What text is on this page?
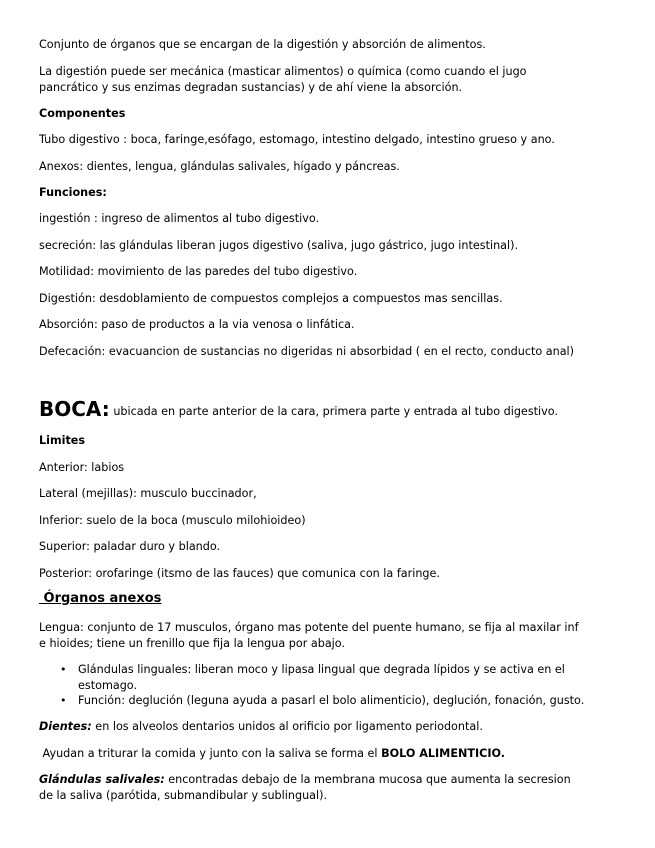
Conjunto de órganos que se encargan de la digestión y absorción de alimentos.
La digestión puede ser mecánica (masticar alimentos) o química (como cuando el jugo
pancrático y sus enzimas degradan sustancias) y de ahí viene la absorción.
Componentes
Tubo digestivo : boca, faringe,esófago, estomago, intestino delgado, intestino grueso y ano.
Anexos: dientes, lengua, glándulas salivales, hígado y páncreas.
Funciones:
ingestión : ingreso de alimentos al tubo digestivo.
secreción: las glándulas liberan jugos digestivo (saliva, jugo gástrico, jugo intestinal).
Motilidad: movimiento de las paredes del tubo digestivo.
Digestión: desdoblamiento de compuestos complejos a compuestos mas sencillas.
Absorción: paso de productos a la via venosa o linfática.
Defecación: evacuancion de sustancias no digeridas ni absorbidad ( en el recto, conducto anal)
BOCA: ubicada en parte anterior de la cara, primera parte y entrada al tubo digestivo.
Limites
Anterior: labios
Lateral (mejillas): musculo buccinador,
Inferior: suelo de la boca (musculo milohioideo)
Superior: paladar duro y blando.
Posterior: orofaringe (itsmo de las fauces) que comunica con la faringe.
Órganos anexos
Lengua: conjunto de 17 musculos, órgano mas potente del puente humano, se fija al maxilar inf
e hioides; tiene un frenillo que fija la lengua por abajo.
• Glándulas linguales: liberan moco y lipasa lingual que degrada lípidos y se activa en el
estomago.
• Función: deglución (leguna ayuda a pasarl el bolo alimenticio), deglución, fonación, gusto.
Dientes: en los alveolos dentarios unidos al orificio por ligamento periodontal.
Ayudan a triturar la comida y junto con la saliva se forma el BOLO ALIMENTICIO.
Glándulas salivales: encontradas debajo de la membrana mucosa que aumenta la secresion
de la saliva (parótida, submandibular y sublingual).
